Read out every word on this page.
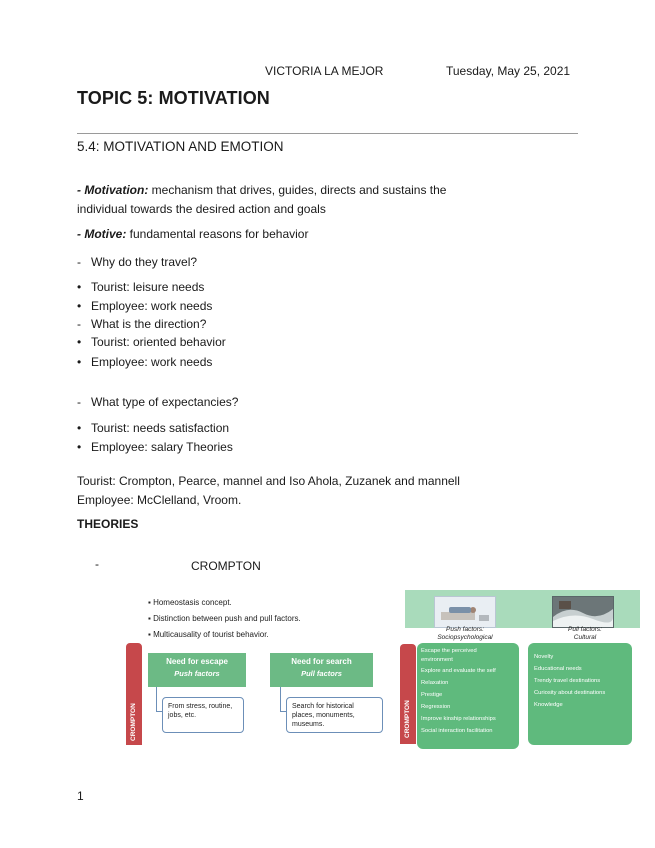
VICTORIA LA MEJOR	Tuesday, May 25, 2021
TOPIC 5: MOTIVATION
5.4: MOTIVATION AND EMOTION
- Motivation: mechanism that drives, guides, directs and sustains the
individual towards the desired action and goals
- Motive: fundamental reasons for behavior
- Why do they travel?
• Tourist: leisure needs
• Employee: work needs
- What is the direction?
• Tourist: oriented behavior
• Employee: work needs
- What type of expectancies?
• Tourist: needs satisfaction
• Employee: salary Theories
Tourist: Crompton, Pearce, mannel and Iso Ahola, Zuzanek and mannell
Employee: McClelland, Vroom.
THEORIES
-	CROMPTON
▪ Homeostasis concept.
▪ Distinction between push and pull factors.
▪ Multicausality of tourist behavior.
CROMPTON
Need for escape
Push factors
From stress, routine, jobs, etc.
Need for search
Pull factors
Search for historical places, monuments, museums.
Push factors:
Sociopsychological
Pull factors:
Cultural
CROMPTON
Escape the perceived
environment
Explore and evaluate the self
Relaxation
Prestige
Regression
Improve kinship relationships
Social interaction facilitation
Novelty
Educational needs
Trendy travel destinations
Curiosity about destinations
Knowledge
1
